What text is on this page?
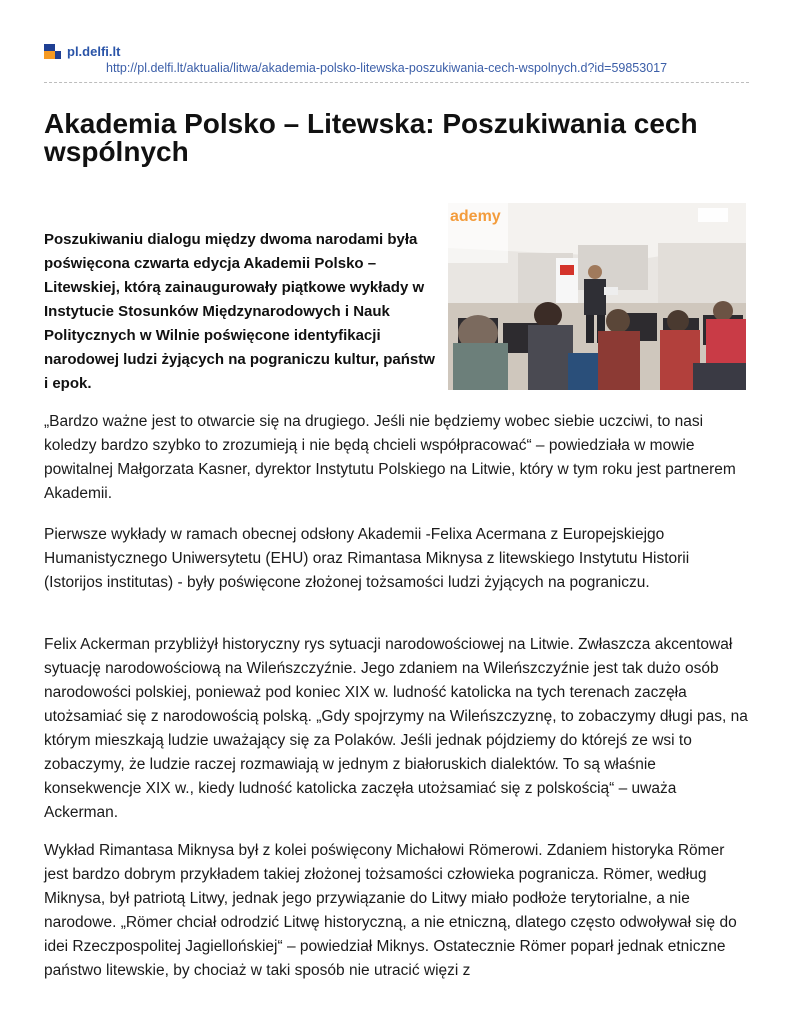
pl.delfi.lt
http://pl.delfi.lt/aktualia/litwa/akademia-polsko-litewska-poszukiwania-cech-wspolnych.d?id=59853017
Akademia Polsko – Litewska: Poszukiwania cech wspólnych

Poszukiwaniu dialogu między dwoma narodami była poświęcona czwarta edycja Akademii Polsko – Litewskiej, którą zainaugurowały piątkowe wykłady w Instytucie Stosunków Międzynarodowych i Nauk Politycznych w Wilnie poświęcone identyfikacji narodowej ludzi żyjących na pograniczu kultur, państw i epok.

ademy

„Bardzo ważne jest to otwarcie się na drugiego. Jeśli nie będziemy wobec siebie uczciwi, to nasi koledzy bardzo szybko to zrozumieją i nie będą chcieli współpracować“ – powiedziała w mowie powitalnej Małgorzata Kasner, dyrektor Instytutu Polskiego na Litwie, który w tym roku jest partnerem Akademii.

Pierwsze wykłady w ramach obecnej odsłony Akademii -Felixa Acermana z Europejskiejgo Humanistycznego Uniwersytetu (EHU) oraz Rimantasa Miknysa z litewskiego Instytutu Historii (Istorijos institutas) - były poświęcone złożonej tożsamości ludzi żyjących na pograniczu.

Felix Ackerman przybliżył historyczny rys sytuacji narodowościowej na Litwie. Zwłaszcza akcentował sytuację narodowościową na Wileńszczyźnie. Jego zdaniem na Wileńszczyźnie jest tak dużo osób narodowości polskiej, ponieważ pod koniec XIX w. ludność katolicka na tych terenach zaczęła utożsamiać się z narodowością polską. „Gdy spojrzymy na Wileńszczyznę, to zobaczymy długi pas, na którym mieszkają ludzie uważający się za Polaków. Jeśli jednak pójdziemy do którejś ze wsi to zobaczymy, że ludzie raczej rozmawiają w jednym z białoruskich dialektów. To są właśnie konsekwencje XIX w., kiedy ludność katolicka zaczęła utożsamiać się z polskością“ – uważa Ackerman.

Wykład Rimantasa Miknysa był z kolei poświęcony Michałowi Römerowi. Zdaniem historyka Römer jest bardzo dobrym przykładem takiej złożonej tożsamości człowieka pogranicza. Römer, według Miknysa, był patriotą Litwy, jednak jego przywiązanie do Litwy miało podłoże terytorialne, a nie narodowe. „Römer chciał odrodzić Litwę historyczną, a nie etniczną, dlatego często odwoływał się do idei Rzeczpospolitej Jagiellońskiej“ – powiedział Miknys. Ostatecznie Römer poparł jednak etniczne państwo litewskie, by chociaż w taki sposób nie utracić więzi z
